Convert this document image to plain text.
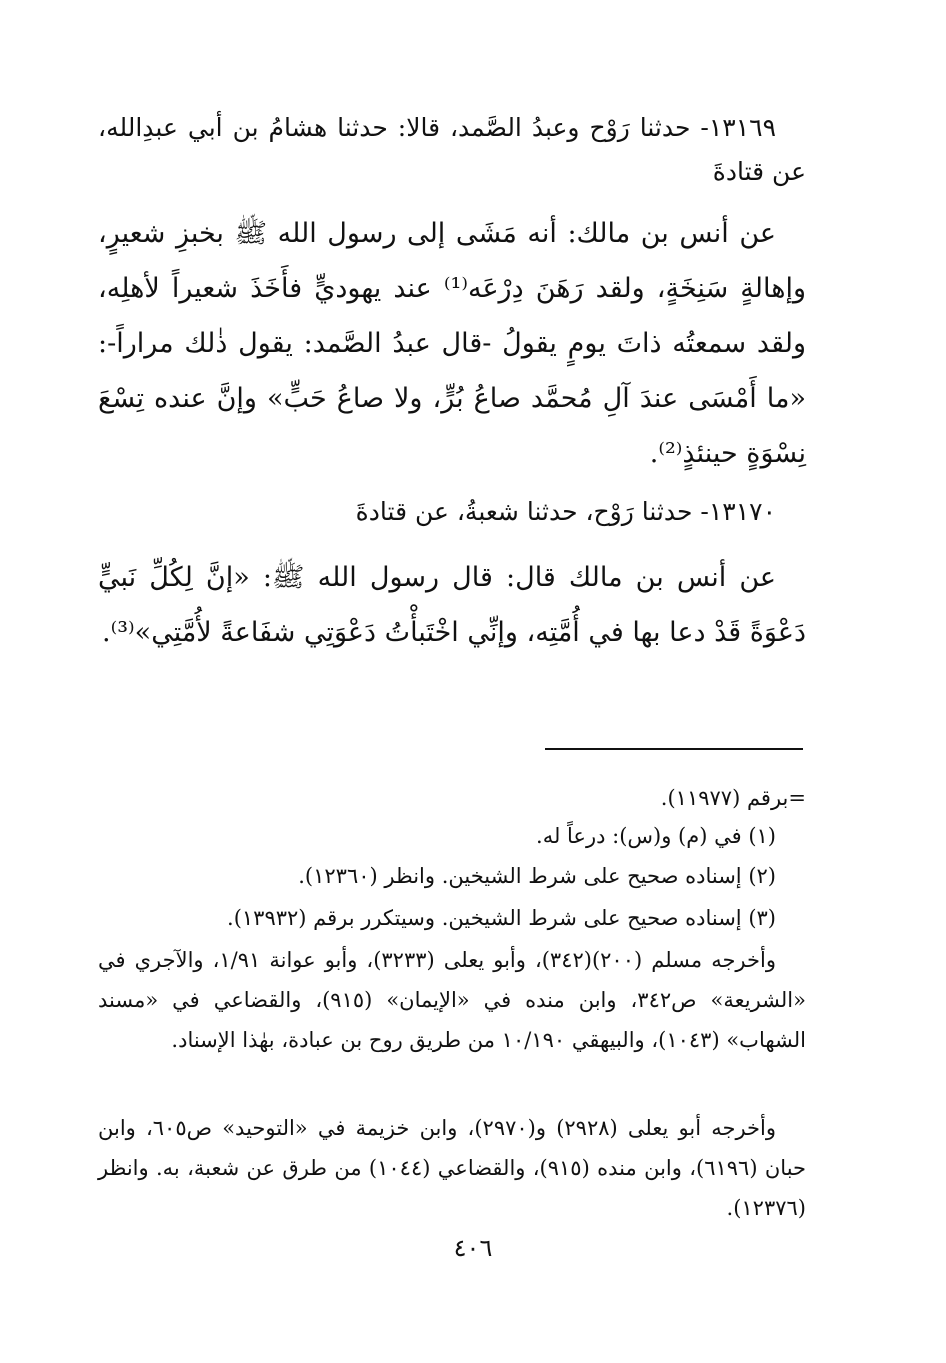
١٣١٦٩- حدثنا رَوْح وعبدُ الصَّمد، قالا: حدثنا هشامُ بن أبي عبدِالله، عن قتادةَ

عن أنس بن مالك: أنه مَشَى إلى رسول الله ﷺ بخبزِ شعيرٍ، وإهالةٍ سَنِخَةٍ، ولقد رَهَنَ دِرْعَه⁽¹⁾ عند يهوديٍّ فأَخَذَ شعيراً لأهلِه، ولقد سمعتُه ذاتَ يومٍ يقولُ -قال عبدُ الصَّمد: يقول ذٰلك مراراً-: «ما أَمْسَى عندَ آلِ مُحمَّد صاعُ بُرٍّ، ولا صاعُ حَبٍّ» وإنَّ عنده تِسْعَ نِسْوَةٍ حينئذٍ⁽²⁾.

١٣١٧٠- حدثنا رَوْح، حدثنا شعبةُ، عن قتادةَ

عن أنس بن مالك قال: قال رسول الله ﷺ: «إنَّ لِكُلِّ نَبيٍّ دَعْوَةً قَدْ دعا بها في أُمَّتِه، وإنِّي اخْتَبأْتُ دَعْوَتِي شفَاعةً لأُمَّتِي»⁽³⁾.

=برقم (١١٩٧٧).

(١) في (م) و(س): درعاً له.

(٢) إسناده صحيح على شرط الشيخين. وانظر (١٢٣٦٠).

(٣) إسناده صحيح على شرط الشيخين. وسيتكرر برقم (١٣٩٣٢).

وأخرجه مسلم (٢٠٠)(٣٤٢)، وأبو يعلى (٣٢٣٣)، وأبو عوانة ١/٩١، والآجري في «الشريعة» ص٣٤٢، وابن منده في «الإيمان» (٩١٥)، والقضاعي في «مسند الشهاب» (١٠٤٣)، والبيهقي ١٠/١٩٠ من طريق روح بن عبادة، بهٰذا الإسناد.

وأخرجه أبو يعلى (٢٩٢٨) و(٢٩٧٠)، وابن خزيمة في «التوحيد» ص٦٠٥، وابن حبان (٦١٩٦)، وابن منده (٩١٥)، والقضاعي (١٠٤٤) من طرق عن شعبة، به. وانظر (١٢٣٧٦).

٤٠٦
